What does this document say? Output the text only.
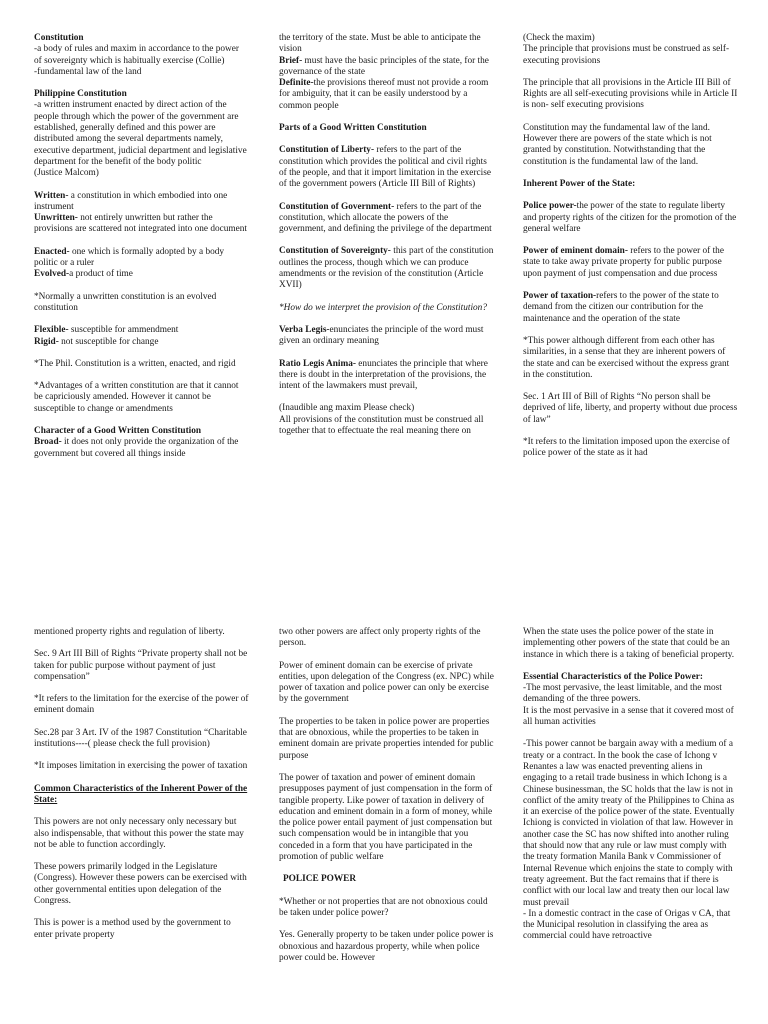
Constitution

-a body of rules and maxim in accordance to the power of sovereignty which is habitually exercise (Collie)

-fundamental law of the land

Philippine Constitution

-a written instrument enacted by direct action of the people through which the power of the government are established, generally defined and this power are distributed among the several departments namely, executive department, judicial department and legislative department for the benefit of the body politic

(Justice Malcom)

Written- a constitution in which embodied into one instrument

Unwritten- not entirely unwritten but rather the provisions are scattered not integrated into one document

Enacted- one which is formally adopted by a body politic or a ruler

Evolved-a product of time

*Normally a unwritten constitution is an evolved constitution

Flexible- susceptible for ammendment

Rigid- not susceptible for change

*The Phil. Constitution is a written, enacted, and rigid

*Advantages of a written constitution are that it cannot be capriciously amended. However it cannot be susceptible to change or amendments

Character of a Good Written Constitution

Broad- it does not only provide the organization of the government but covered all things inside

the territory of the state. Must be able to anticipate the vision

Brief- must have the basic principles of the state, for the governance of the state

Definite-the provisions thereof must not provide a room for ambiguity, that it can be easily understood by a common people

Parts of a Good Written Constitution

Constitution of Liberty- refers to the part of the constitution which provides the political and civil rights of the people, and that it import limitation in the exercise of the government powers (Article III Bill of Rights)

Constitution of Government- refers to the part of the constitution, which allocate the powers of the government, and defining the privilege of the department

Constitution of Sovereignty- this part of the constitution outlines the process, though which we can produce amendments or the revision of the constitution (Article XVII)

*How do we interpret the provision of the Constitution?

Verba Legis-enunciates the principle of the word must given an ordinary meaning

Ratio Legis Anima- enunciates the principle that where there is doubt in the interpretation of the provisions, the intent of the lawmakers must prevail,

(Inaudible ang maxim Please check)

All provisions of the constitution must be construed all together that to effectuate the real meaning there on

(Check the maxim)

The principle that provisions must be construed as self-executing provisions

The principle that all provisions in the Article III Bill of Rights are all self-executing provisions while in Article II is non- self executing provisions

Constitution may the fundamental law of the land. However there are powers of the state which is not granted by constitution. Notwithstanding that the constitution is the fundamental law of the land.

Inherent Power of the State:

Police power-the power of the state to regulate liberty and property rights of the citizen for the promotion of the general welfare

Power of eminent domain- refers to the power of the state to take away private property for public purpose upon payment of just compensation and due process

Power of taxation-refers to the power of the state to demand from the citizen our contribution for the maintenance and the operation of the state

*This power although different from each other has similarities, in a sense that they are inherent powers of the state and can be exercised without the express grant in the constitution.

Sec. 1 Art III of Bill of Rights “No person shall be deprived of life, liberty, and property without due process of law”

*It refers to the limitation imposed upon the exercise of police power of the state as it had

mentioned property rights and regulation of liberty.

Sec. 9 Art III Bill of Rights “Private property shall not be taken for public purpose without payment of just compensation”

*It refers to the limitation for the exercise of the power of eminent domain

Sec.28 par 3 Art. IV of the 1987 Constitution “Charitable institutions----( please check the full provision)

*It imposes limitation in exercising the power of taxation

Common Characteristics of the Inherent Power of the State:

This powers are not only necessary only necessary but also indispensable, that without this power the state may not be able to function accordingly.

These powers primarily lodged in the Legislature (Congress). However these powers can be exercised with other governmental entities upon delegation of the Congress.

This is power is a method used by the government to enter private property

two other powers are affect only property rights of the person.

Power of eminent domain can be exercise of private entities, upon delegation of the Congress (ex. NPC) while power of taxation and police power can only be exercise by the government

The properties to be taken in police power are properties that are obnoxious, while the properties to be taken in eminent domain are private properties intended for public purpose

The power of taxation and power of eminent domain presupposes payment of just compensation in the form of tangible property. Like power of taxation in delivery of education and eminent domain in a form of money, while the police power entail payment of just compensation but such compensation would be in intangible that you conceded in a form that you have participated in the promotion of public welfare

POLICE POWER

*Whether or not properties that are not obnoxious could be taken under police power?

Yes. Generally property to be taken under police power is obnoxious and hazardous property, while when police power could be. However

When the state uses the police power of the state in implementing other powers of the state that could be an instance in which there is a taking of beneficial property.

Essential Characteristics of the Police Power:

-The most pervasive, the least limitable, and the most demanding of the three powers.

It is the most pervasive in a sense that it covered most of all human activities

-This power cannot be bargain away with a medium of a treaty or a contract. In the book the case of Ichong v Renantes a law was enacted preventing aliens in engaging to a retail trade business in which Ichong is a Chinese businessman, the SC holds that the law is not in conflict of the amity treaty of the Philippines to China as it an exercise of the police power of the state. Eventually Ichiong is convicted in violation of that law. However in another case the SC has now shifted into another ruling that should now that any rule or law must comply with the treaty formation Manila Bank v Commissioner of Internal Revenue which enjoins the state to comply with treaty agreement. But the fact remains that if there is conflict with our local law and treaty then our local law must prevail

- In a domestic contract in the case of Origas v CA, that the Municipal resolution in classifying the area as commercial could have retroactive
